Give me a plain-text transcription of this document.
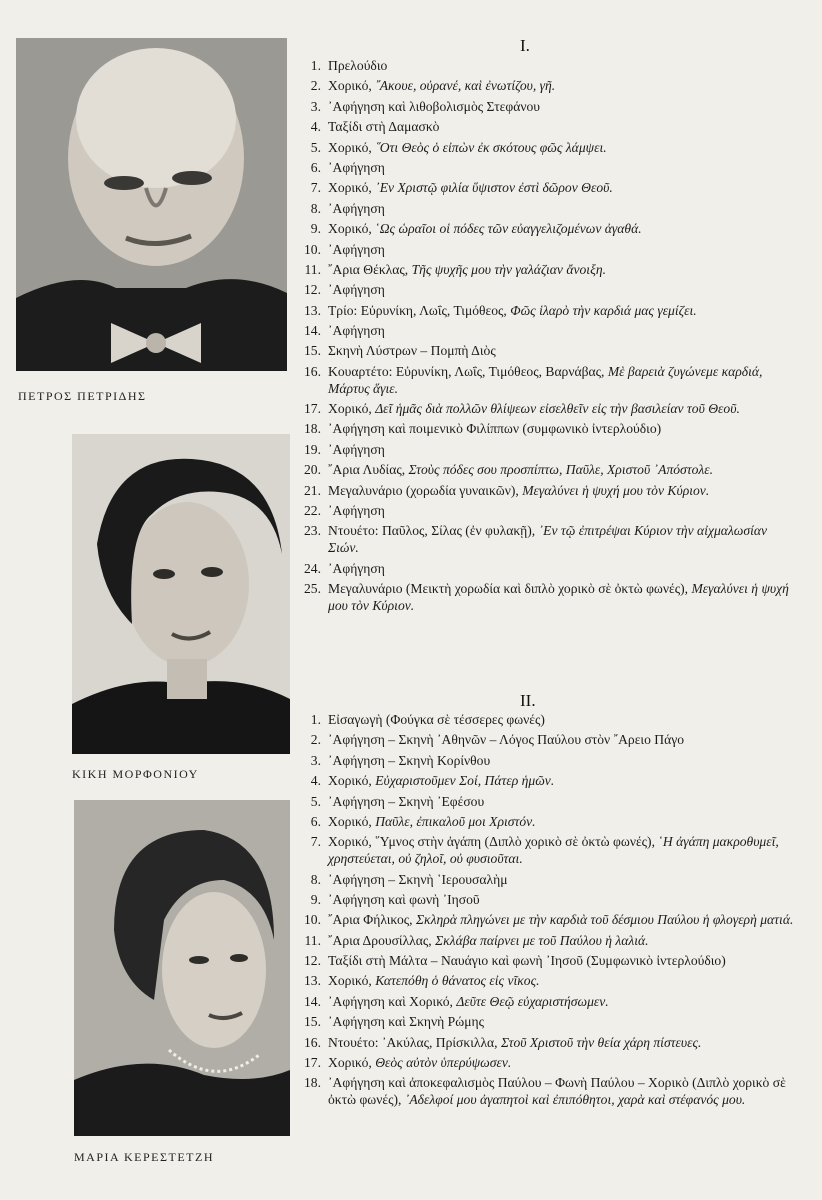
ΠΕΤΡΟΣ ΠΕΤΡΙΔΗΣ
ΚΙΚΗ ΜΟΡΦΟΝΙΟΥ
ΜΑΡΙΑ ΚΕΡΕΣΤΕΤΖΗ
I.
1 . Πρελούδιο
2 . Χορικό, ῎Ακουε, οὐρανέ, καὶ ἐνωτίζου, γῆ.
3 . ᾿Αφήγηση καὶ λιθοβολισμὸς Στεφάνου
4 . Ταξίδι στὴ Δαμασκὸ
5 . Χορικό, ῞Οτι Θεὸς ὁ εἰπὼν ἐκ σκότους φῶς λάμψει.
6 . ᾿Αφήγηση
7 . Χορικό, ᾿Εν Χριστῷ φιλία ὕψιστον ἐστὶ δῶρον Θεοῦ.
8 . ᾿Αφήγηση
9 . Χορικό, ῾Ως ὡραῖοι οἱ πόδες τῶν εὐαγγελιζομένων ἀγαθά.
10 . ᾿Αφήγηση
11 . ῎Αρια Θέκλας, Τῆς ψυχῆς μου τὴν γαλάζιαν ἄνοιξη.
12 . ᾿Αφήγηση
13 . Τρίο: Εὐρυνίκη, Λωΐς, Τιμόθεος, Φῶς ἱλαρὸ τὴν καρδιά μας γεμίζει.
14 . ᾿Αφήγηση
15 . Σκηνὴ Λύστρων – Πομπὴ Διὸς
16 . Κουαρτέτο: Εὐρυνίκη, Λωΐς, Τιμόθεος, Βαρνάβας, Μὲ βαρειὰ ζυγώνεμε καρδιά, Μάρτυς ἅγιε.
17 . Χορικό, Δεῖ ἡμᾶς διὰ πολλῶν θλίψεων εἰσελθεῖν εἰς τὴν βασιλείαν τοῦ Θεοῦ.
18 . ᾿Αφήγηση καὶ ποιμενικὸ Φιλίππων (συμφωνικὸ ἰντερλούδιο)
19 . ᾿Αφήγηση
20 . ῎Αρια Λυδίας, Στοὺς πόδες σου προσπίπτω, Παῦλε, Χριστοῦ ᾿Απόστολε.
21 . Μεγαλυνάριο (χορωδία γυναικῶν), Μεγαλύνει ἡ ψυχή μου τὸν Κύριον.
22 . ᾿Αφήγηση
23 . Ντουέτο: Παῦλος, Σίλας (ἐν φυλακῇ), ᾿Εν τῷ ἐπιτρέψαι Κύριον τὴν αἰχμαλωσίαν Σιών.
24 . ᾿Αφήγηση
25 . Μεγαλυνάριο (Μεικτὴ χορωδία καὶ διπλὸ χορικὸ σὲ ὀκτὼ φωνές), Μεγαλύνει ἡ ψυχή μου τὸν Κύριον.
II.
1 . Εἰσαγωγὴ (Φούγκα σὲ τέσσερες φωνές)
2 . ᾿Αφήγηση – Σκηνὴ ᾿Αθηνῶν – Λόγος Παύλου στὸν ῎Αρειο Πάγο
3 . ᾿Αφήγηση – Σκηνὴ Κορίνθου
4 . Χορικό, Εὐχαριστοῦμεν Σοί, Πάτερ ἡμῶν.
5 . ᾿Αφήγηση – Σκηνὴ ᾿Εφέσου
6 . Χορικό, Παῦλε, ἐπικαλοῦ μοι Χριστόν.
7 . Χορικό, ῞Υμνος στὴν ἀγάπη (Διπλὸ χορικὸ σὲ ὀκτὼ φωνές), ῾Η ἀγάπη μακροθυμεῖ, χρηστεύεται, οὐ ζηλοῖ, οὐ φυσιοῦται.
8 . ᾿Αφήγηση – Σκηνὴ ῾Ιερουσαλὴμ
9 . ᾿Αφήγηση καὶ φωνὴ ᾿Ιησοῦ
10 . ῎Αρια Φήλικος, Σκληρὰ πληγώνει με τὴν καρδιὰ τοῦ δέσμιου Παύλου ἡ φλογερὴ ματιά.
11 . ῎Αρια Δρουσίλλας, Σκλάβα παίρνει με τοῦ Παύλου ἡ λαλιά.
12 . Ταξίδι στὴ Μάλτα – Ναυάγιο καὶ φωνὴ ᾿Ιησοῦ (Συμφωνικὸ ἰντερλούδιο)
13 . Χορικό, Κατεπόθη ὁ θάνατος εἰς νῖκος.
14 . ᾿Αφήγηση καὶ Χορικό, Δεῦτε Θεῷ εὐχαριστήσωμεν.
15 . ᾿Αφήγηση καὶ Σκηνὴ Ρώμης
16 . Ντουέτο: ᾿Ακύλας, Πρίσκιλλα, Στοῦ Χριστοῦ τὴν θεία χάρη πίστευες.
17 . Χορικό, Θεὸς αὐτὸν ὑπερύψωσεν.
18 . ᾿Αφήγηση καὶ ἀποκεφαλισμὸς Παύλου – Φωνὴ Παύλου – Χορικὸ (Διπλὸ χορικὸ σὲ ὀκτὼ φωνές), ᾿Αδελφοί μου ἀγαπητοὶ καὶ ἐπιπόθητοι, χαρὰ καὶ στέφανός μου.
